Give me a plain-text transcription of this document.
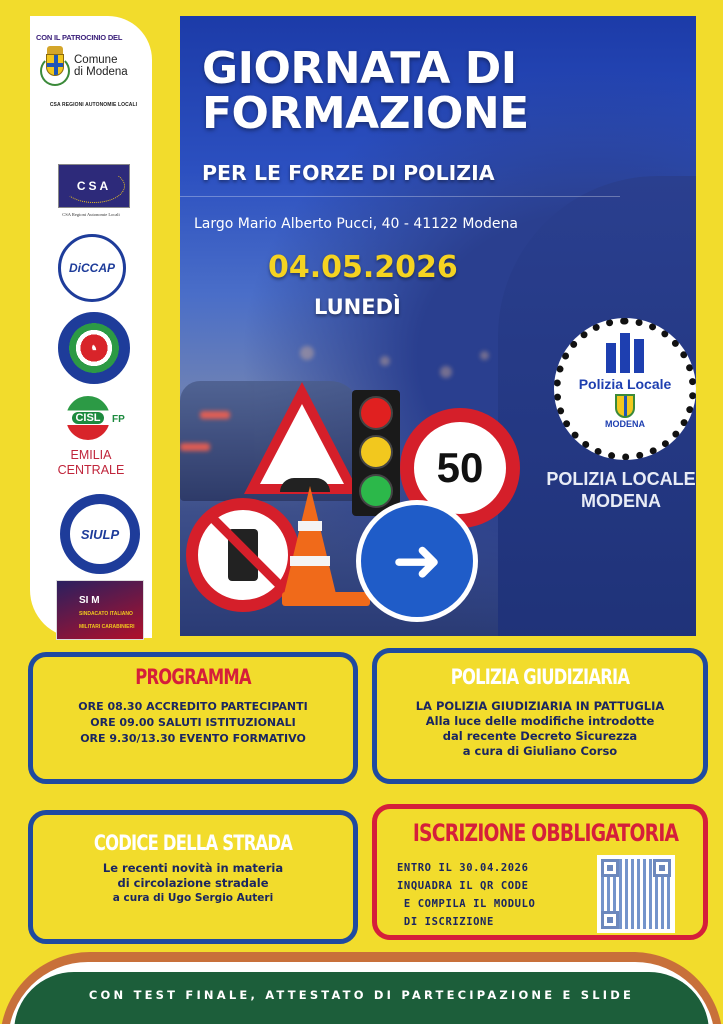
CON IL PATROCINIO DEL
Comune
di Modena
CSA REGIONI AUTONOMIE LOCALI
CSA
CSA Regioni Autonomie Locali
DiCCAP
♞
CISL	FP
EMILIA
CENTRALE
SIULP
SI M
SINDACATO ITALIANO MILITARI CARABINIERI
GIORNATA DI
FORMAZIONE
PER LE FORZE DI POLIZIA
Largo Mario Alberto Pucci, 40 - 41122 Modena
04.05.2026
LUNEDÌ
50
➜
Polizia Locale
MODENA
POLIZIA LOCALE
MODENA
PROGRAMMA
ORE 08.30 ACCREDITO PARTECIPANTI
ORE 09.00 SALUTI ISTITUZIONALI
ORE 9.30/13.30 EVENTO FORMATIVO
POLIZIA GIUDIZIARIA
LA POLIZIA GIUDIZIARIA IN PATTUGLIA
Alla luce delle modifiche introdotte
dal recente Decreto Sicurezza
a cura di Giuliano Corso
CODICE DELLA STRADA
Le recenti novità in materia
di circolazione stradale
a cura di Ugo Sergio Auteri
ISCRIZIONE OBBLIGATORIA
ENTRO IL 30.04.2026
INQUADRA IL QR CODE
E COMPILA IL MODULO
DI ISCRIZIONE
CON TEST FINALE, ATTESTATO DI PARTECIPAZIONE E SLIDE
